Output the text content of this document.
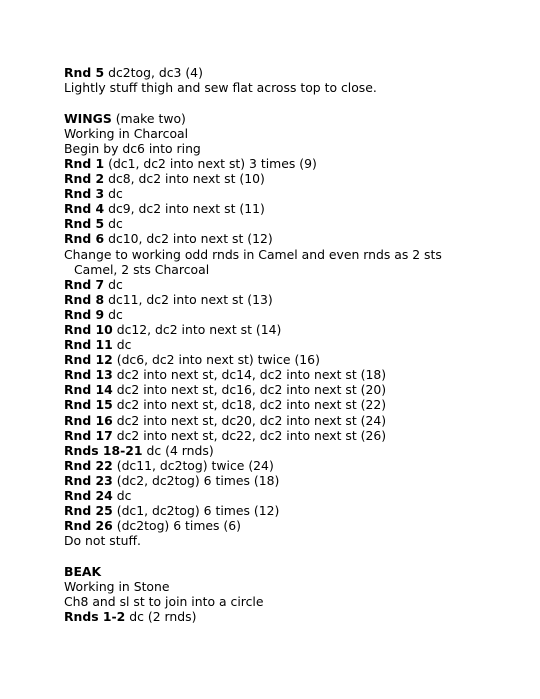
Rnd 5 dc2tog, dc3 (4)
Lightly stuff thigh and sew flat across top to close.
WINGS (make two)
Working in Charcoal
Begin by dc6 into ring
Rnd 1 (dc1, dc2 into next st) 3 times (9)
Rnd 2 dc8, dc2 into next st (10)
Rnd 3 dc
Rnd 4 dc9, dc2 into next st (11)
Rnd 5 dc
Rnd 6 dc10, dc2 into next st (12)
Change to working odd rnds in Camel and even rnds as 2 sts
Camel, 2 sts Charcoal
Rnd 7 dc
Rnd 8 dc11, dc2 into next st (13)
Rnd 9 dc
Rnd 10 dc12, dc2 into next st (14)
Rnd 11 dc
Rnd 12 (dc6, dc2 into next st) twice (16)
Rnd 13 dc2 into next st, dc14, dc2 into next st (18)
Rnd 14 dc2 into next st, dc16, dc2 into next st (20)
Rnd 15 dc2 into next st, dc18, dc2 into next st (22)
Rnd 16 dc2 into next st, dc20, dc2 into next st (24)
Rnd 17 dc2 into next st, dc22, dc2 into next st (26)
Rnds 18-21 dc (4 rnds)
Rnd 22 (dc11, dc2tog) twice (24)
Rnd 23 (dc2, dc2tog) 6 times (18)
Rnd 24 dc
Rnd 25 (dc1, dc2tog) 6 times (12)
Rnd 26 (dc2tog) 6 times (6)
Do not stuff.
BEAK
Working in Stone
Ch8 and sl st to join into a circle
Rnds 1-2 dc (2 rnds)
